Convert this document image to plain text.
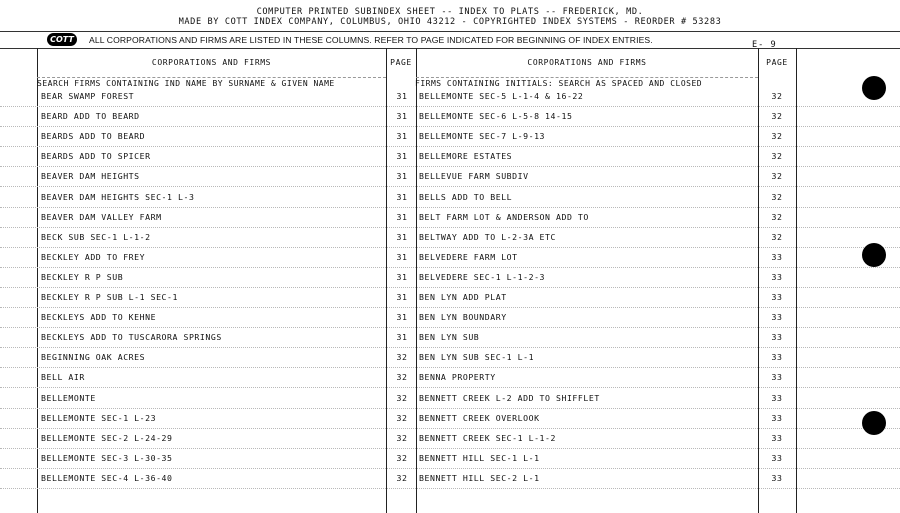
COMPUTER PRINTED SUBINDEX SHEET -- INDEX TO PLATS -- FREDERICK, MD.
MADE BY COTT INDEX COMPANY, COLUMBUS, OHIO 43212 - COPYRIGHTED INDEX SYSTEMS - REORDER # 53283
COTT	ALL CORPORATIONS AND FIRMS ARE LISTED IN THESE COLUMNS. REFER TO PAGE INDICATED FOR BEGINNING OF INDEX ENTRIES.	E- 9
CORPORATIONS AND FIRMS	PAGE	CORPORATIONS AND FIRMS	PAGE
SEARCH FIRMS CONTAINING IND NAME BY SURNAME & GIVEN NAME	FIRMS CONTAINING INITIALS: SEARCH AS SPACED AND CLOSED
BEAR SWAMP FOREST	31	BELLEMONTE SEC-5 L-1-4 & 16-22	32
BEARD ADD TO BEARD	31	BELLEMONTE SEC-6 L-5-8 14-15	32
BEARDS ADD TO BEARD	31	BELLEMONTE SEC-7 L-9-13	32
BEARDS ADD TO SPICER	31	BELLEMORE ESTATES	32
BEAVER DAM HEIGHTS	31	BELLEVUE FARM SUBDIV	32
BEAVER DAM HEIGHTS SEC-1 L-3	31	BELLS ADD TO BELL	32
BEAVER DAM VALLEY FARM	31	BELT FARM LOT & ANDERSON ADD TO	32
BECK SUB SEC-1 L-1-2	31	BELTWAY ADD TO L-2-3A ETC	32
BECKLEY ADD TO FREY	31	BELVEDERE FARM LOT	33
BECKLEY R P SUB	31	BELVEDERE SEC-1 L-1-2-3	33
BECKLEY R P SUB L-1 SEC-1	31	BEN LYN ADD PLAT	33
BECKLEYS ADD TO KEHNE	31	BEN LYN BOUNDARY	33
BECKLEYS ADD TO TUSCARORA SPRINGS	31	BEN LYN SUB	33
BEGINNING OAK ACRES	32	BEN LYN SUB SEC-1 L-1	33
BELL AIR	32	BENNA PROPERTY	33
BELLEMONTE	32	BENNETT CREEK L-2 ADD TO SHIFFLET	33
BELLEMONTE SEC-1 L-23	32	BENNETT CREEK OVERLOOK	33
BELLEMONTE SEC-2 L-24-29	32	BENNETT CREEK SEC-1 L-1-2	33
BELLEMONTE SEC-3 L-30-35	32	BENNETT HILL SEC-1 L-1	33
BELLEMONTE SEC-4 L-36-40	32	BENNETT HILL SEC-2 L-1	33
